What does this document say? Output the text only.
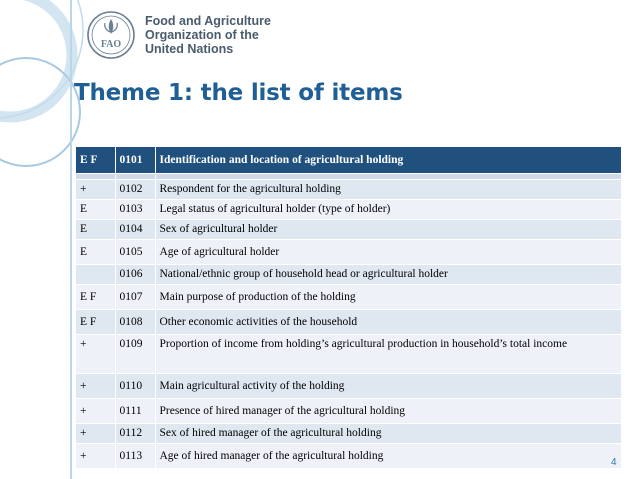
FAO
Food and Agriculture
Organization of the
United Nations
Theme 1: the list of items
E F	0101	Identification and location of agricultural holding

+	0102	Respondent for the agricultural holding
E	0103	Legal status of agricultural holder (type of holder)
E	0104	Sex of agricultural holder
E	0105	Age of agricultural holder
	0106	National/ethnic group of household head or agricultural holder
E F	0107	Main purpose of production of the holding
E F	0108	Other economic activities of the household
+	0109	Proportion of income from holding’s agricultural production in household’s total income
+	0110	Main agricultural activity of the holding
+	0111	Presence of hired manager of the agricultural holding
+	0112	Sex of hired manager of the agricultural holding
+	0113	Age of hired manager of the agricultural holding
4
